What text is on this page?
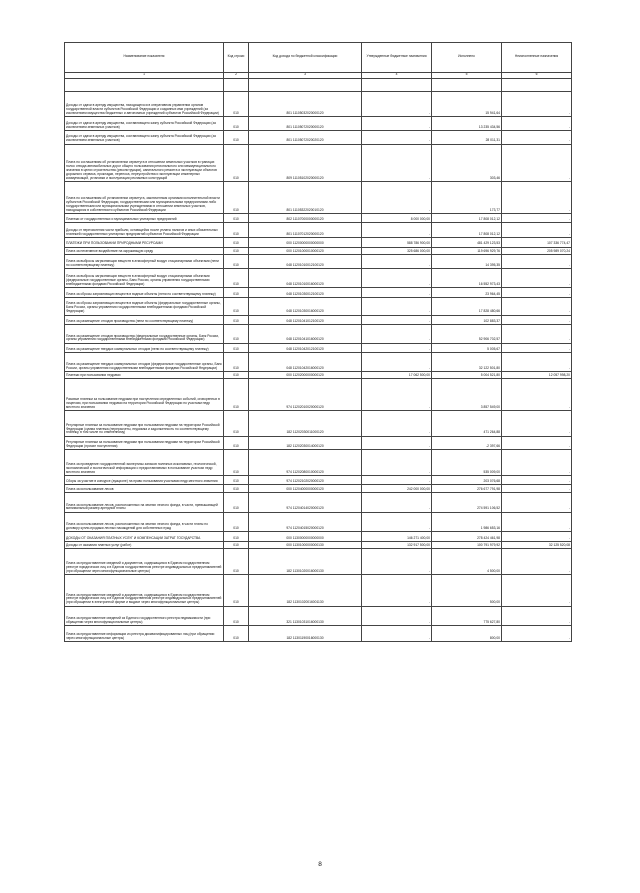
Наименование показателя	Код строки	Код дохода по бюджетной классификации	Утвержденные бюджетные назначения	Исполнено	Неисполненные назначения
1	2	3	4	5	6

Доходы от сдачи в аренду имущества, находящегося в оперативном управлении органов государственной власти субъектов Российской Федерации и созданных ими учреждений (за исключением имущества бюджетных и автономных учреждений субъектов Российской Федерации)	010	801 11105032020000120	-	15 941,64	-
Доходы от сдачи в аренду имущества, составляющего казну субъекта Российской Федерации (за исключением земельных участков)	010	801 11105072020000120	-	13 235 434,56	-
Доходы от сдачи в аренду имущества, составляющего казну субъекта Российской Федерации (за исключением земельных участков)	010	801 11105072020020120	-	28 011,31	-
Плата по соглашениям об установлении сервитута в отношении земельных участков в границах полос отвода автомобильных дорог общего пользования регионального или межмуниципального значения в целях строительства (реконструкции), капитального ремонта и эксплуатации объектов дорожного сервиса, прокладки, переноса, переустройства и эксплуатации инженерных коммуникаций, установки и эксплуатации рекламных конструкций	010	809 11105102020000120	-	303,46	-
Плата по соглашениям об установлении сервитута, заключенным органами исполнительной власти субъектов Российской Федерации, государственными или муниципальными предприятиями либо государственными или муниципальными учреждениями в отношении земельных участков, находящихся в собственности субъектов Российской Федерации	010	801 11105322020010120	-	173,77	-
Платежи от государственных и муниципальных унитарных предприятий	010	802 11107000000000120	8 000 000,00	17 808 012,12	-
Доходы от перечисления части прибыли, остающейся после уплаты налогов и иных обязательных платежей государственных унитарных предприятий субъектов Российской Федерации	010	801 11107012020000120	-	17 808 012,12	-
ПЛАТЕЖИ ПРИ ПОЛЬЗОВАНИИ ПРИРОДНЫМИ РЕСУРСАМИ	010	000 11200000000000000	588 786 900,00	481 429 123,53	107 336 774,47
Плата за негативное воздействие на окружающую среду	010	000 11201000010000120	325 686 000,00	119 696 929,76	205 989 070,24
Плата за выбросы загрязняющих веществ в атмосферный воздух стационарными объектами (пени по соответствующему платежу)	010	048 11201010012100120	-	14 395,35	-
Плата за выбросы загрязняющих веществ в атмосферный воздух стационарными объектами (федеральные государственные органы, Банк России, органы управления государственными внебюджетными фондами Российской Федерации)	010	048 11201010016000120	-	16 552 973,43	-
Плата за сбросы загрязняющих веществ в водные объекты (пени по соответствующему платежу)	010	048 11201030012100120	-	23 964,45	-
Плата за сбросы загрязняющих веществ в водные объекты (федеральные государственные органы, Банк России, органы управления государственными внебюджетными фондами Российской Федерации)	010	048 11201030016000120	-	17 828 480,66	-
Плата за размещение отходов производства (пени по соответствующему платежу)	010	048 11201041012100120	-	102 883,37	-
Плата за размещение отходов производства (федеральные государственные органы, Банк России, органы управления государственными внебюджетными фондами Российской Федерации)	010	048 11201041016000120	-	52 906 702,57	-
Плата за размещение твердых коммунальных отходов (пени по соответствующему платежу)	010	048 11201042012100120	-	5 005,67	-
Плата за размещение твердых коммунальных отходов (федеральные государственные органы, Банк России, органы управления государственными внебюджетными фондами Российской Федерации)	010	048 11201042016000120	-	32 122 501,80	-
Платежи при пользовании недрами	010	000 11202000000000120	17 062 500,00	5 004 521,80	12 057 998,20
Разовые платежи за пользование недрами при наступлении определенных событий, оговоренных в лицензии, при пользовании недрами на территории Российской Федерации по участкам недр местного значения	010	974 11202010020000120	-	3 857 549,00	-
Регулярные платежи за пользование недрами при пользовании недрами на территории Российской Федерации (сумма платежа (перерасчеты, недоимка и задолженность по соответствующему платежу, в том числе по отмененному)	010	182 11202030011000120	-	471 264,88	-
Регулярные платежи за пользование недрами при пользовании недрами на территории Российской Федерации (прочие поступления)	010	182 11202030014000120	-	-2 397,66	-
Плата за проведение государственной экспертизы запасов полезных ископаемых, геологической, экономической и экологической информации о предоставляемых в пользование участках недр местного значения	010	974 11202080010000120	-	535 009,00	-
Сборы за участие в конкурсе (аукционе) на право пользования участками недр местного значения	010	974 11202102020000120	-	203 076,68	-
Плата за использование лесов	010	000 11204000000000120	242 000 000,00	276 677 791,98	-
Плата за использование лесов, расположенных на землях лесного фонда, в части, превышающей минимальный размер арендной платы	010	974 11204014020000120	-	274 591 106,52	-
Плата за использование лесов, расположенных на землях лесного фонда, в части платы по договору купли-продажи лесных насаждений для собственных нужд	010	974 11204015020000120	-	1 986 653,16	-
ДОХОДЫ ОТ ОКАЗАНИЯ ПЛАТНЫХ УСЛУГ И КОМПЕНСАЦИИ ЗАТРАТ ГОСУДАРСТВА	010	000 11300000000000000	146 271 400,00	278 424 461,98	-
Доходы от оказания платных услуг (работ)	010	000 11301000000000130	132 917 500,00	100 791 979,92	32 125 520,08
Плата за предоставление сведений и документов, содержащихся в Едином государственном реестре юридических лиц и в Едином государственном реестре индивидуальных предпринимателей (при обращении через многофункциональные центры)	010	182 11301020016000130	-	4 500,00	-
Плата за предоставление сведений и документов, содержащихся в Едином государственном реестре юридических лиц и в Едином государственном реестре индивидуальных предпринимателей (при обращении в электронной форме и выдаче через многофункциональные центры)	010	182 11301020016001130	-	500,00	-
Плата за предоставление сведений из Единого государственного реестра недвижимости (при обращении через многофункциональные центры)	010	321 11301031016000130	-	775 627,80	-
Плата за предоставление информации из реестра дисквалифицированных лиц (при обращении через многофункциональные центры)	010	182 11301190016000130	-	800,00	-
8
